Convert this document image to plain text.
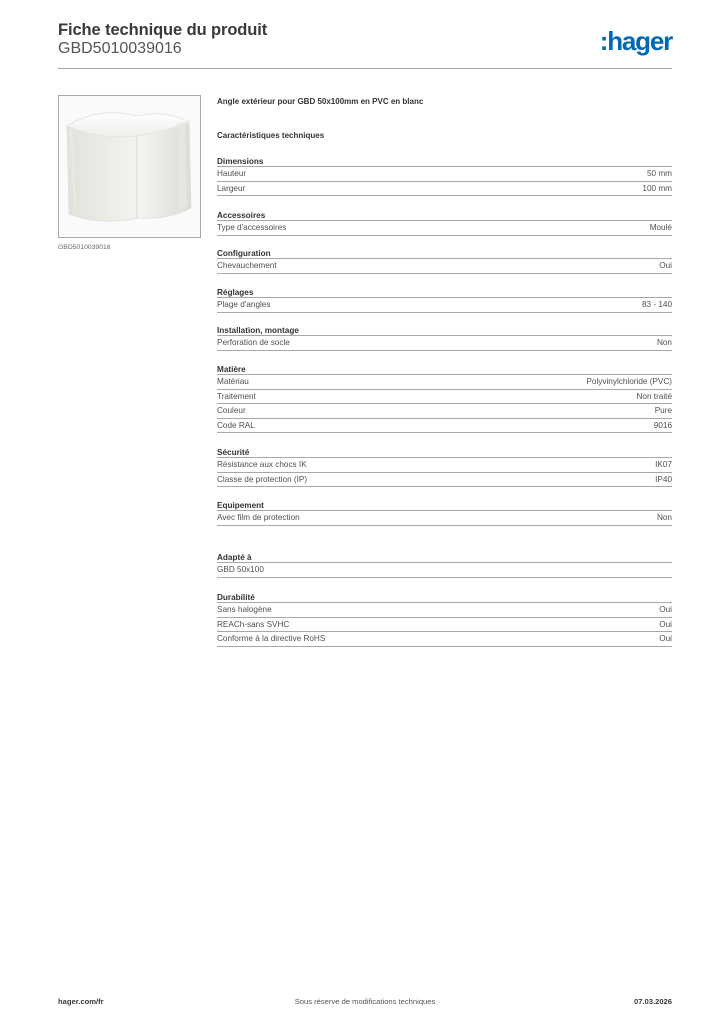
Fiche technique du produit
GBD5010039016	:hager
GBD5010039016
Angle extérieur pour GBD 50x100mm en PVC en blanc
Caractéristiques techniques
Dimensions
Hauteur	50 mm
Largeur	100 mm
Accessoires
Type d'accessoires	Moulé
Configuration
Chevauchement	Oui
Réglages
Plage d'angles	83 - 140
Installation, montage
Perforation de socle	Non
Matière
Matériau	Polyvinylchloride (PVC)
Traitement	Non traité
Couleur	Pure
Code RAL	9016
Sécurité
Résistance aux chocs IK	IK07
Classe de protection (IP)	IP40
Equipement
Avec film de protection	Non
Adapté à
GBD 50x100
Durabilité
Sans halogène	Oui
REACh-sans SVHC	Oui
Conforme à la directive RoHS	Oui
hager.com/fr	Sous réserve de modifications techniques	07.03.2026
